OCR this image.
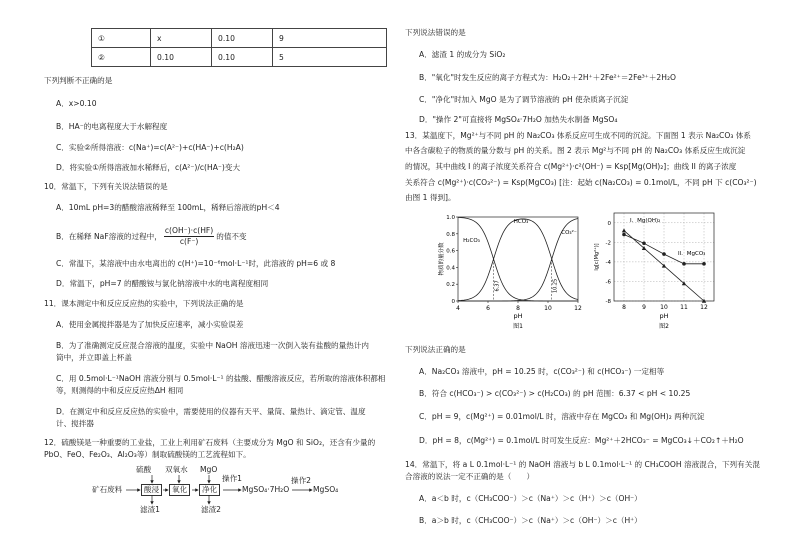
①	x	0.10	9
②	0.10	0.10	5
下列判断不正确的是
A．x>0.10
B．HA⁻的电离程度大于水解程度
C．实验②所得溶液：c(Na⁺)=c(A²⁻)+c(HA⁻)+c(H₂A)
D．将实验①所得溶液加水稀释后，c(A²⁻)/c(HA⁻)变大
10．常温下，下列有关说法错误的是
A．10mL pH=3的醋酸溶液稀释至 100mL，稀释后溶液的pH＜4
B．在稀释 NaF溶液的过程中， $\frac{c(OH^-)\cdot c(HF)}{c(F^-)}$ 的值不变
C．常温下，某溶液中由水电离出的 c(H⁺)=10⁻⁶mol·L⁻¹时，此溶液的 pH=6 或 8
D．常温下，pH=7 的醋酸铵与氯化钠溶液中水的电离程度相同
11．课本测定中和反应反应热的实验中，下列说法正确的是
A．使用金属搅拌器是为了加快反应速率，减小实验误差
B．为了准确测定反应混合溶液的温度，实验中 NaOH 溶液迅速一次倒入装有盐酸的量热计内
筒中，并立即盖上杯盖
C．用 0.5mol·L⁻¹NaOH 溶液分别与 0.5mol·L⁻¹ 的盐酸、醋酸溶液反应，若所取的溶液体积都相
等，则测得的中和反应反应热ΔH 相同
D．在测定中和反应反应热的实验中，需要使用的仪器有天平、量筒、量热计、滴定管、温度
计、搅拌器
12．硫酸镁是一种重要的工业盐，工业上利用矿石废料（主要成分为 MgO 和 SiO₂，还含有少量的
PbO、FeO、Fe₂O₃、Al₂O₃等）制取硫酸镁的工艺流程如下。
硫酸 双氧水 MgO
矿石废料	酸浸	氧化	净化
操作1
MgSO₄·7H₂O
操作2
MgSO₄
滤渣1	滤渣2
下列说法错误的是
A．滤渣 1 的成分为 SiO₂
B．"氧化"时发生反应的离子方程式为：H₂O₂＋2H⁺＋2Fe²⁺＝2Fe³⁺＋2H₂O
C．"净化"时加入 MgO 是为了调节溶液的 pH 使杂质离子沉淀
D．"操作 2"可直接将 MgSO₄·7H₂O 加热失水制备 MgSO₄
13．某温度下，Mg²⁺与不同 pH 的 Na₂CO₃ 体系反应可生成不同的沉淀。下面图 1 表示 Na₂CO₃ 体系
中各含碳粒子的物质的量分数与 pH 的关系。图 2 表示 Mg²与不同 pH 的 Na₂CO₃ 体系反应生成沉淀
的情况，其中曲线 I 的离子浓度关系符合 c(Mg²⁺)·c²(OH⁻) = Ksp[Mg(OH)₂]；曲线 II 的离子浓度
关系符合 c(Mg²⁺)·c(CO₃²⁻) = Ksp(MgCO₃) [注：起始 c(Na₂CO₃) = 0.1mol/L，不同 pH 下 c(CO₃²⁻)
由图 1 得到]。
4	6	8	10	12
0
0.2
0.4
0.6
0.8
1.0
pH
物质的量分数
图1
H₂CO₃
HCO₃⁻
CO₃²⁻
6.37	10.25
8	9 10 11 12
0
-2
-4
-6
-8
pH
lg[c(Mg²⁺)]
图2
I．Mg(OH)₂
II．MgCO₃
下列说法正确的是
A．Na₂CO₃ 溶液中，pH = 10.25 时，c(CO₃²⁻) 和 c(HCO₃⁻) 一定相等
B．符合 c(HCO₃⁻) > c(CO₃²⁻) > c(H₂CO₃) 的 pH 范围：6.37 < pH < 10.25
C．pH = 9，c(Mg²⁺) = 0.01mol/L 时，溶液中存在 MgCO₃ 和 Mg(OH)₂ 两种沉淀
D．pH = 8，c(Mg²⁺) = 0.1mol/L 时可发生反应：Mg²⁺＋2HCO₃⁻ = MgCO₃↓＋CO₂↑＋H₂O
14．常温下，将 a L 0.1mol·L⁻¹ 的 NaOH 溶液与 b L 0.1mol·L⁻¹ 的 CH₃COOH 溶液混合，下列有关混
合溶液的说法一定不正确的是（　　）
A．a＜b 时，c（CH₃COO⁻）＞c（Na⁺）＞c（H⁺）＞c（OH⁻）
B．a＞b 时，c（CH₃COO⁻）＞c（Na⁺）＞c（OH⁻）＞c（H⁺）
